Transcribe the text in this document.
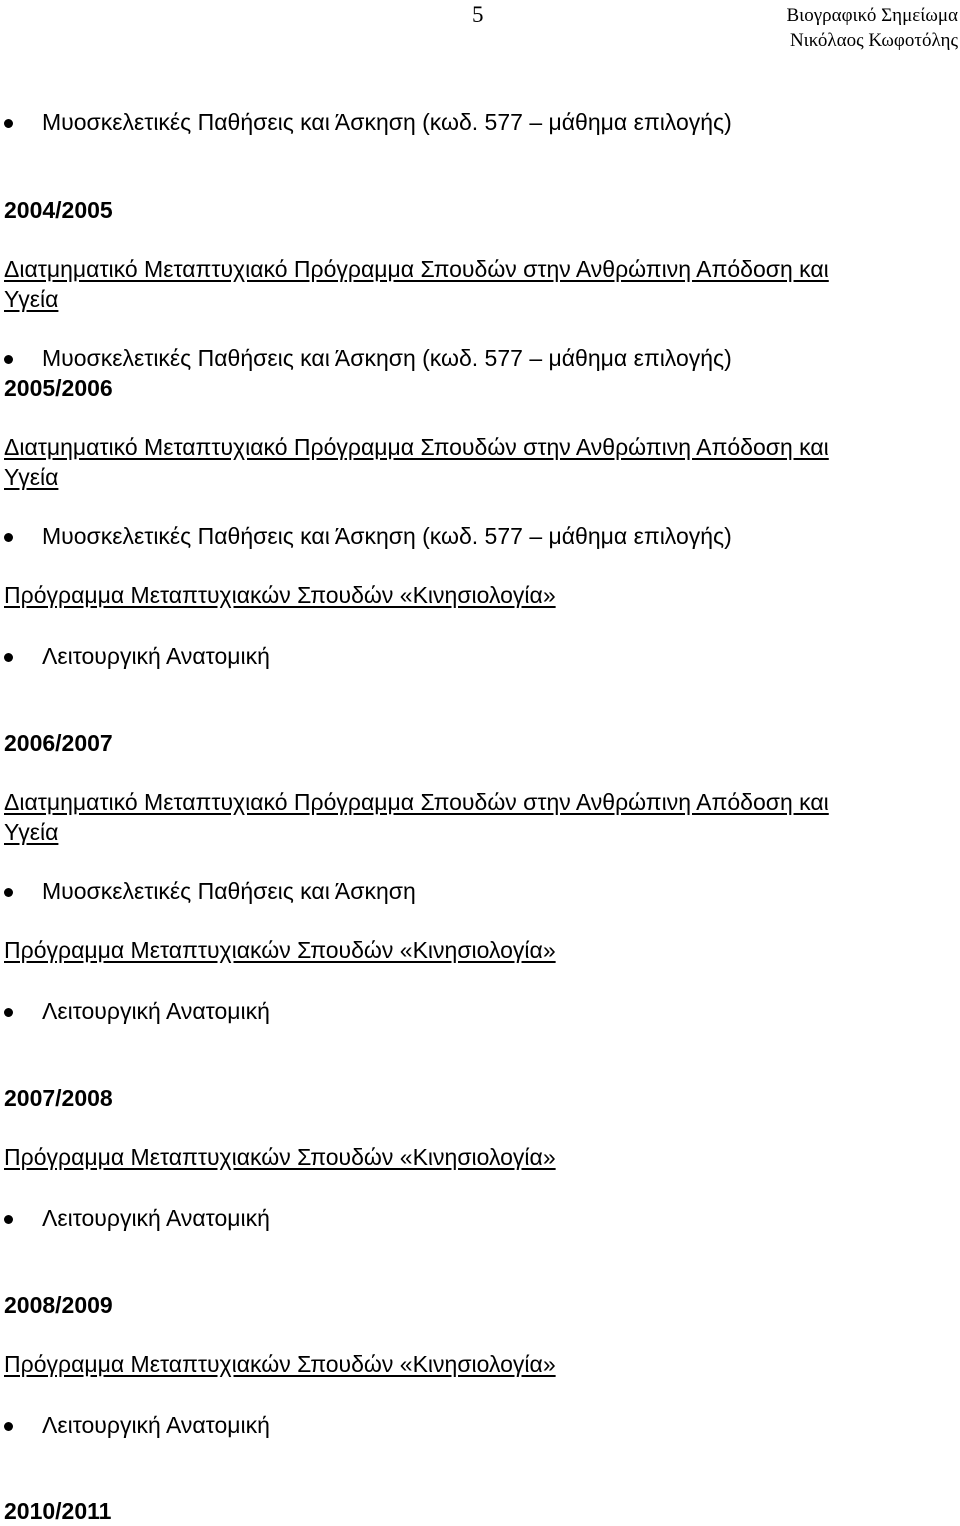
5	Βιογραφικό Σημείωμα
Νικόλαος Κωφοτόλης
Μυοσκελετικές Παθήσεις και Άσκηση (κωδ. 577 – μάθημα επιλογής)
2004/2005
Διατμηματικό Μεταπτυχιακό Πρόγραμμα Σπουδών στην Ανθρώπινη Απόδοση και
Υγεία
Μυοσκελετικές Παθήσεις και Άσκηση (κωδ. 577 – μάθημα επιλογής)
2005/2006
Διατμηματικό Μεταπτυχιακό Πρόγραμμα Σπουδών στην Ανθρώπινη Απόδοση και
Υγεία
Μυοσκελετικές Παθήσεις και Άσκηση (κωδ. 577 – μάθημα επιλογής)
Πρόγραμμα Μεταπτυχιακών Σπουδών «Κινησιολογία»
Λειτουργική Ανατομική
2006/2007
Διατμηματικό Μεταπτυχιακό Πρόγραμμα Σπουδών στην Ανθρώπινη Απόδοση και
Υγεία
Μυοσκελετικές Παθήσεις και Άσκηση
Πρόγραμμα Μεταπτυχιακών Σπουδών «Κινησιολογία»
Λειτουργική Ανατομική
2007/2008
Πρόγραμμα Μεταπτυχιακών Σπουδών «Κινησιολογία»
Λειτουργική Ανατομική
2008/2009
Πρόγραμμα Μεταπτυχιακών Σπουδών «Κινησιολογία»
Λειτουργική Ανατομική
2010/2011
